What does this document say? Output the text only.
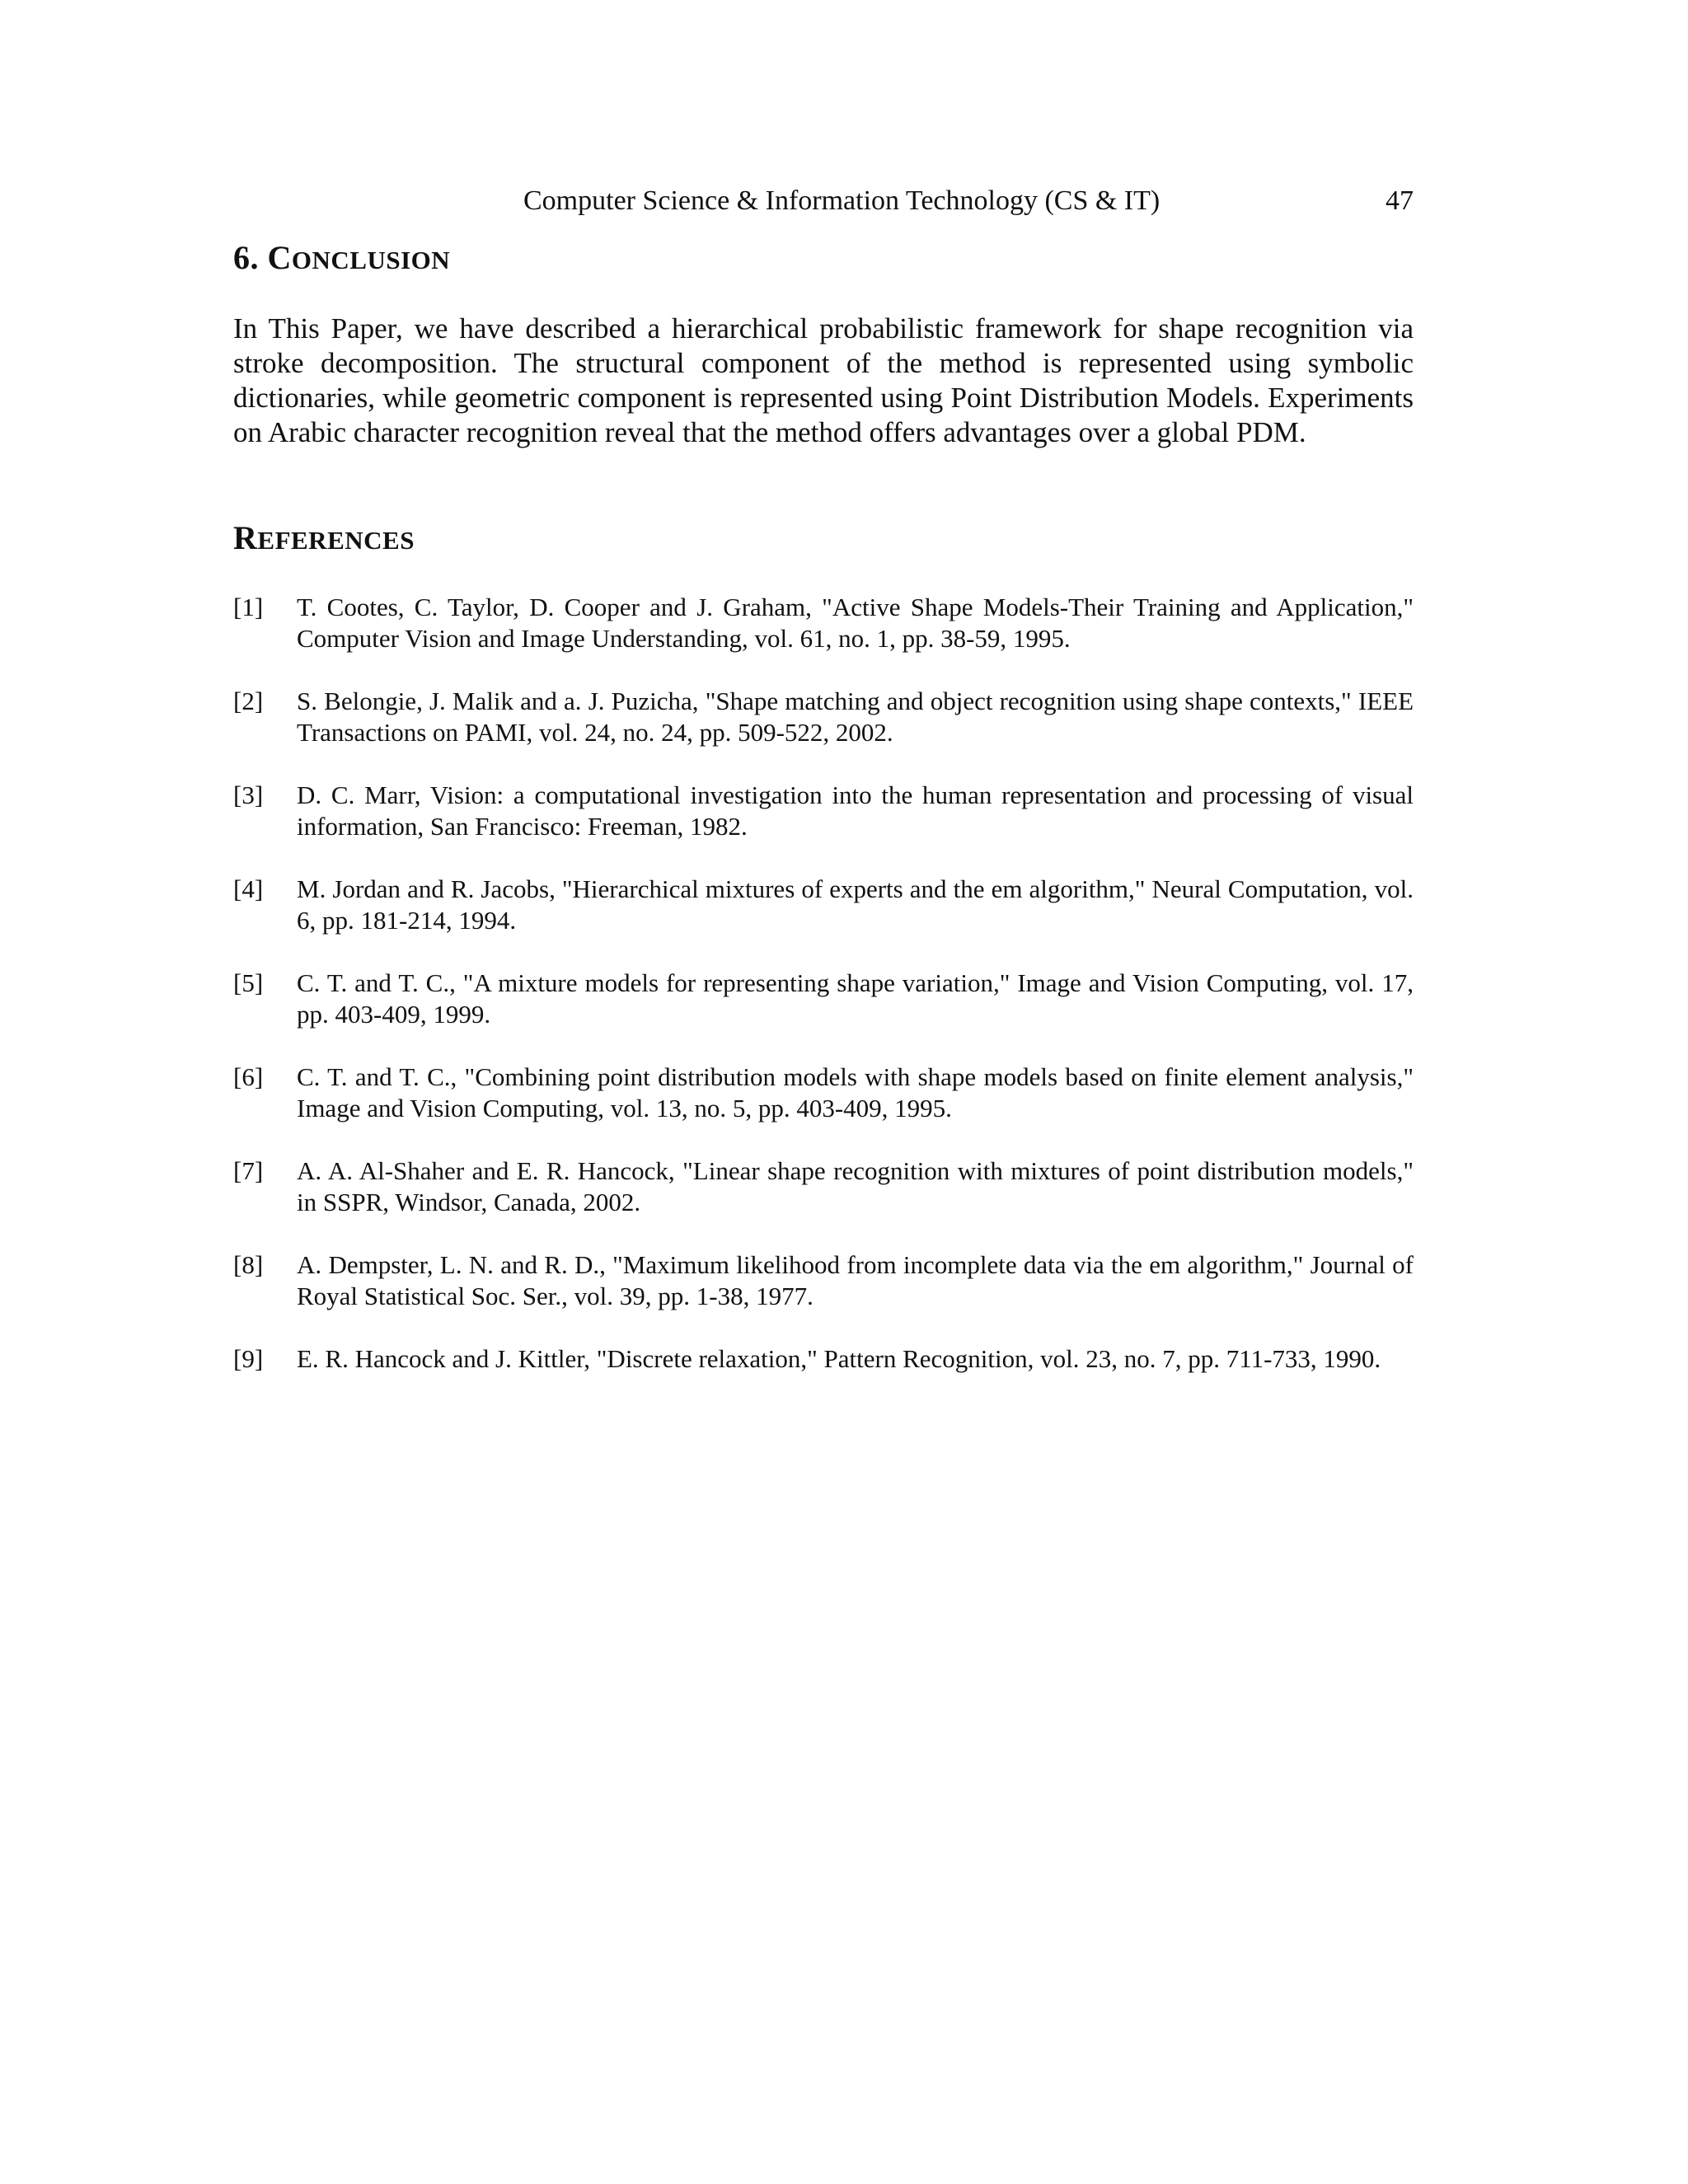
Computer Science & Information Technology (CS & IT)	47
6. CONCLUSION

In This Paper, we have described a hierarchical probabilistic framework for shape recognition via stroke decomposition. The structural component of the method is represented using symbolic dictionaries, while geometric component is represented using Point Distribution Models. Experiments on Arabic character recognition reveal that the method offers advantages over a global PDM.

REFERENCES
[1] T. Cootes, C. Taylor, D. Cooper and J. Graham, "Active Shape Models-Their Training and Application," Computer Vision and Image Understanding, vol. 61, no. 1, pp. 38-59, 1995.
[2] S. Belongie, J. Malik and a. J. Puzicha, "Shape matching and object recognition using shape contexts," IEEE Transactions on PAMI, vol. 24, no. 24, pp. 509-522, 2002.
[3] D. C. Marr, Vision: a computational investigation into the human representation and processing of visual information, San Francisco: Freeman, 1982.
[4] M. Jordan and R. Jacobs, "Hierarchical mixtures of experts and the em algorithm," Neural Computation, vol. 6, pp. 181-214, 1994.
[5] C. T. and T. C., "A mixture models for representing shape variation," Image and Vision Computing, vol. 17, pp. 403-409, 1999.
[6] C. T. and T. C., "Combining point distribution models with shape models based on finite element analysis," Image and Vision Computing, vol. 13, no. 5, pp. 403-409, 1995.
[7] A. A. Al-Shaher and E. R. Hancock, "Linear shape recognition with mixtures of point distribution models," in SSPR, Windsor, Canada, 2002.
[8] A. Dempster, L. N. and R. D., "Maximum likelihood from incomplete data via the em algorithm," Journal of Royal Statistical Soc. Ser., vol. 39, pp. 1-38, 1977.
[9] E. R. Hancock and J. Kittler, "Discrete relaxation," Pattern Recognition, vol. 23, no. 7, pp. 711-733, 1990.
